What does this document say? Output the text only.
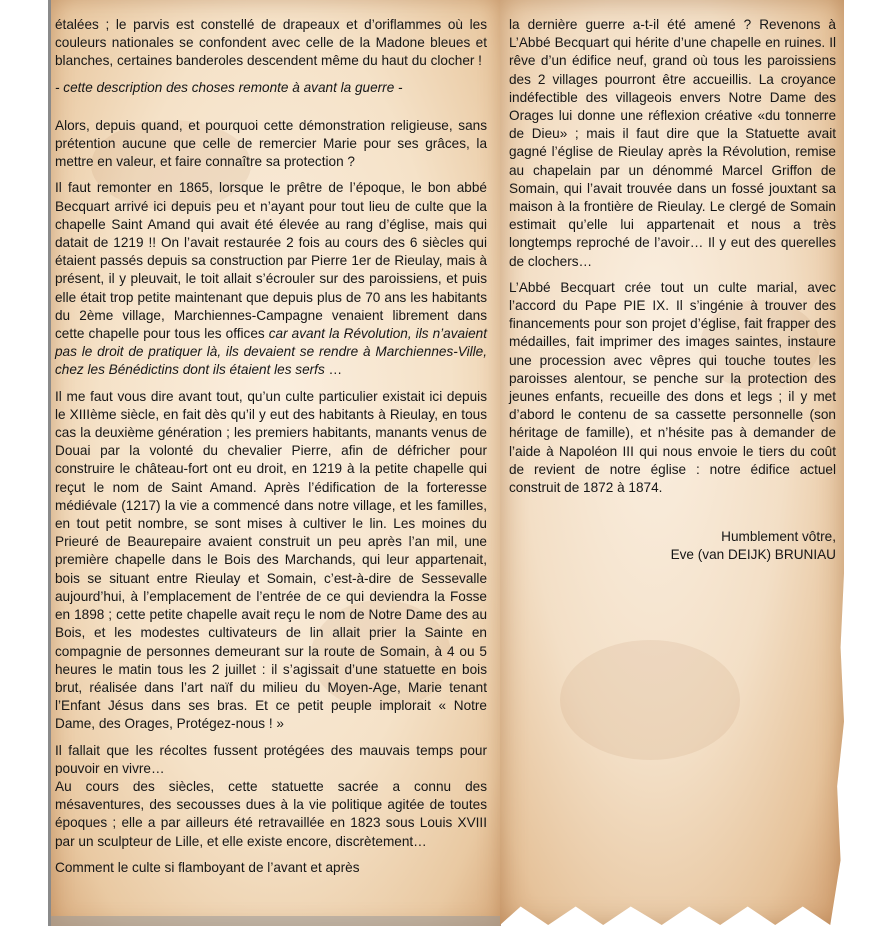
étalées ; le parvis est constellé de drapeaux et d’oriflammes où les couleurs nationales se confondent avec celle de la Madone bleues et blanches, certaines banderoles descendent même du haut du clocher !

- cette description des choses remonte à avant la guerre -

Alors, depuis quand, et pourquoi cette démonstration religieuse, sans prétention aucune que celle de remercier Marie pour ses grâces, la mettre en valeur, et faire connaître sa protection ?

Il faut remonter en 1865, lorsque le prêtre de l’époque, le bon abbé Becquart arrivé ici depuis peu et n’ayant pour tout lieu de culte que la chapelle Saint Amand qui avait été élevée au rang d’église, mais qui datait de 1219 !! On l’avait restaurée 2 fois au cours des 6 siècles qui étaient passés depuis sa construction par Pierre 1er de Rieulay, mais à présent, il y pleuvait, le toit allait s’écrouler sur des paroissiens, et puis elle était trop petite maintenant que depuis plus de 70 ans les habitants du 2ème village, Marchiennes-Campagne venaient librement dans cette chapelle pour tous les offices car avant la Révolution, ils n’avaient pas le droit de pratiquer là, ils devaient se rendre à Marchiennes-Ville, chez les Bénédictins dont ils étaient les serfs …

Il me faut vous dire avant tout, qu’un culte particulier existait ici depuis le XIIIème siècle, en fait dès qu’il y eut des habitants à Rieulay, en tous cas la deuxième génération ; les premiers habitants, manants venus de Douai par la volonté du chevalier Pierre, afin de défricher pour construire le château-fort ont eu droit, en 1219 à la petite chapelle qui reçut le nom de Saint Amand. Après l’édification de la forteresse médiévale (1217) la vie a commencé dans notre village, et les familles, en tout petit nombre, se sont mises à cultiver le lin. Les moines du Prieuré de Beaurepaire avaient construit un peu après l’an mil, une première chapelle dans le Bois des Marchands, qui leur appartenait, bois se situant entre Rieulay et Somain, c’est-à-dire de Sessevalle aujourd’hui, à l’emplacement de l’entrée de ce qui deviendra la Fosse en 1898 ; cette petite chapelle avait reçu le nom de Notre Dame des au Bois, et les modestes cultivateurs de lin allait prier la Sainte en compagnie de personnes demeurant sur la route de Somain, à 4 ou 5 heures le matin tous les 2 juillet : il s’agissait d’une statuette en bois brut, réalisée dans l’art naïf du milieu du Moyen-Age, Marie tenant l’Enfant Jésus dans ses bras. Et ce petit peuple implorait « Notre Dame, des Orages, Protégez-nous ! »

Il fallait que les récoltes fussent protégées des mauvais temps pour pouvoir en vivre…

Au cours des siècles, cette statuette sacrée a connu des mésaventures, des secousses dues à la vie politique agitée de toutes époques ; elle a par ailleurs été retravaillée en 1823 sous Louis XVIII par un sculpteur de Lille, et elle existe encore, discrètement…

Comment le culte si flamboyant de l’avant et après

la dernière guerre a-t-il été amené ? Revenons à L’Abbé Becquart qui hérite d’une chapelle en ruines. Il rêve d’un édifice neuf, grand où tous les paroissiens des 2 villages pourront être accueillis. La croyance indéfectible des villageois envers Notre Dame des Orages lui donne une réflexion créative «du tonnerre de Dieu» ; mais il faut dire que la Statuette avait gagné l’église de Rieulay après la Révolution, remise au chapelain par un dénommé Marcel Griffon de Somain, qui l’avait trouvée dans un fossé jouxtant sa maison à la frontière de Rieulay. Le clergé de Somain estimait qu’elle lui appartenait et nous a très longtemps reproché de l’avoir… Il y eut des querelles de clochers…

L’Abbé Becquart crée tout un culte marial, avec l’accord du Pape PIE IX. Il s’ingénie à trouver des financements pour son projet d’église, fait frapper des médailles, fait imprimer des images saintes, instaure une procession avec vêpres qui touche toutes les paroisses alentour, se penche sur la protection des jeunes enfants, recueille des dons et legs ; il y met d’abord le contenu de sa cassette personnelle (son héritage de famille), et n’hésite pas à demander de l’aide à Napoléon III qui nous envoie le tiers du coût de revient de notre église : notre édifice actuel construit de 1872 à 1874.

Humblement vôtre,
Eve (van DEIJK) BRUNIAU
